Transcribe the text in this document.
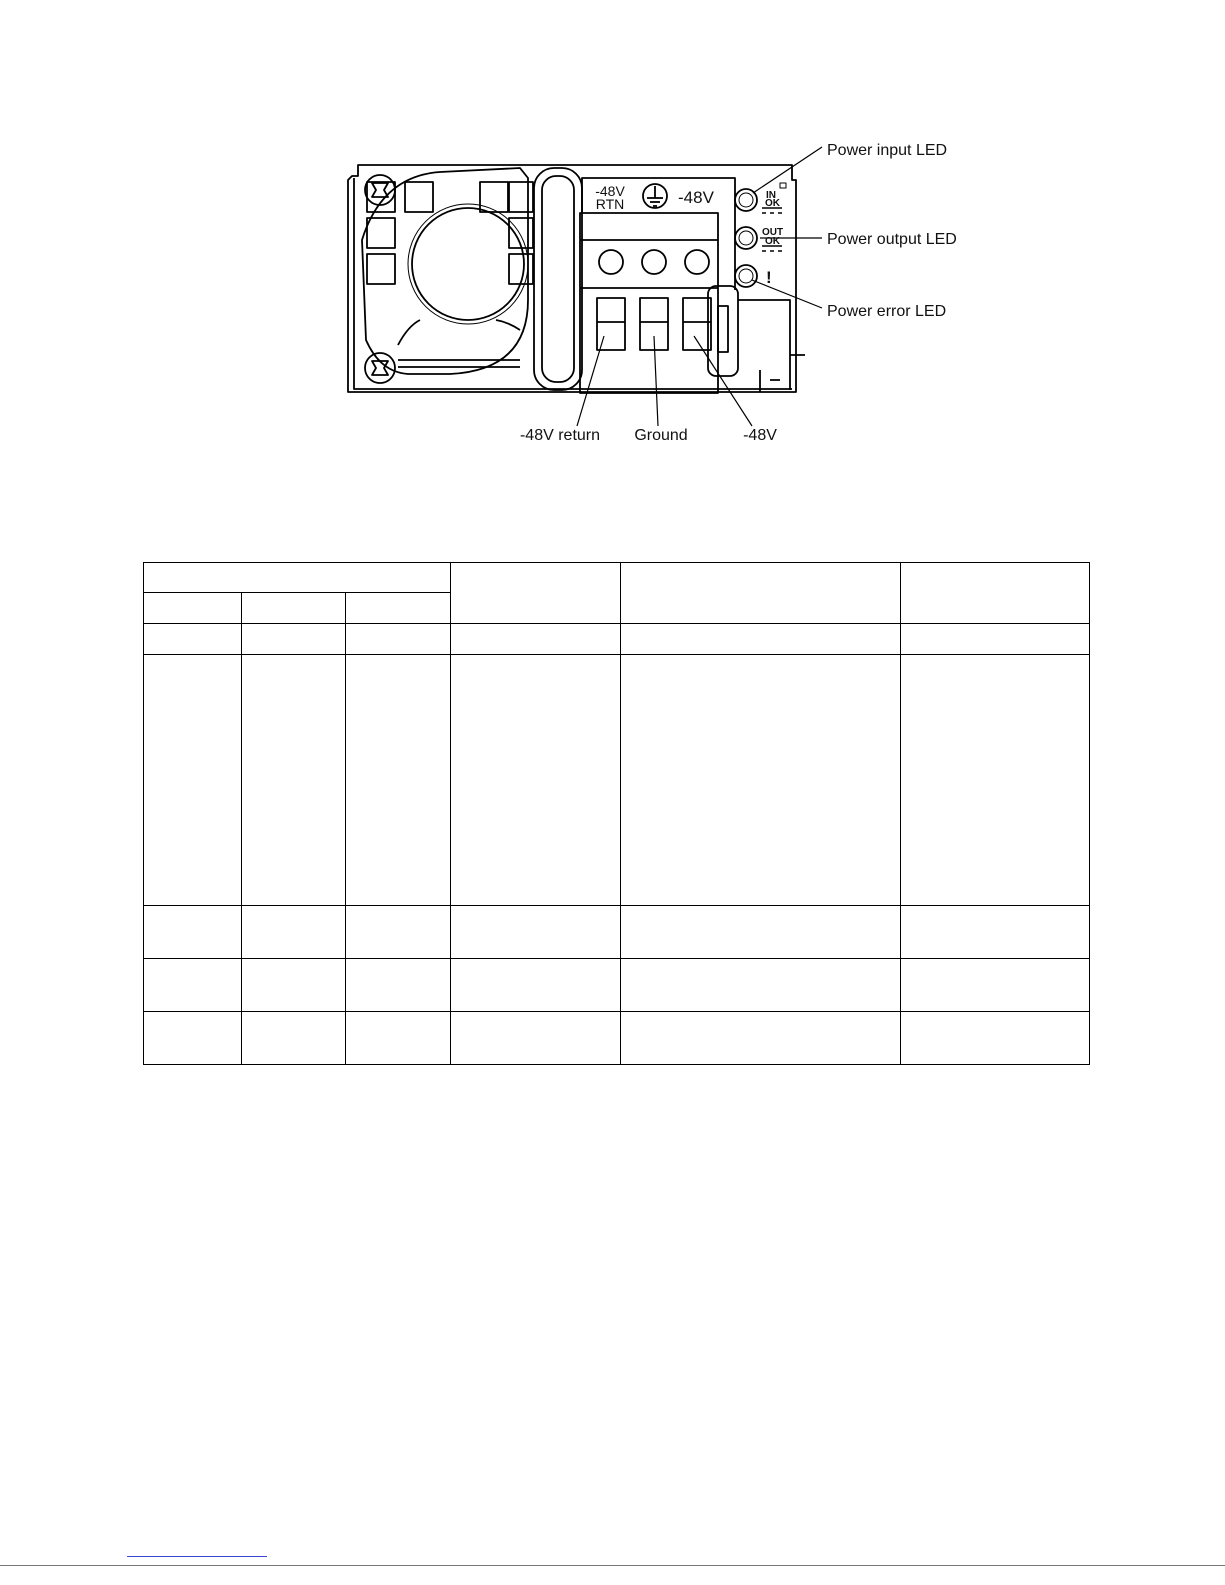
-48V
RTN	-48V	IN
OK
OUT
OK
!
Power input LED
Power output LED
Power error LED
-48V return Ground	-48V
